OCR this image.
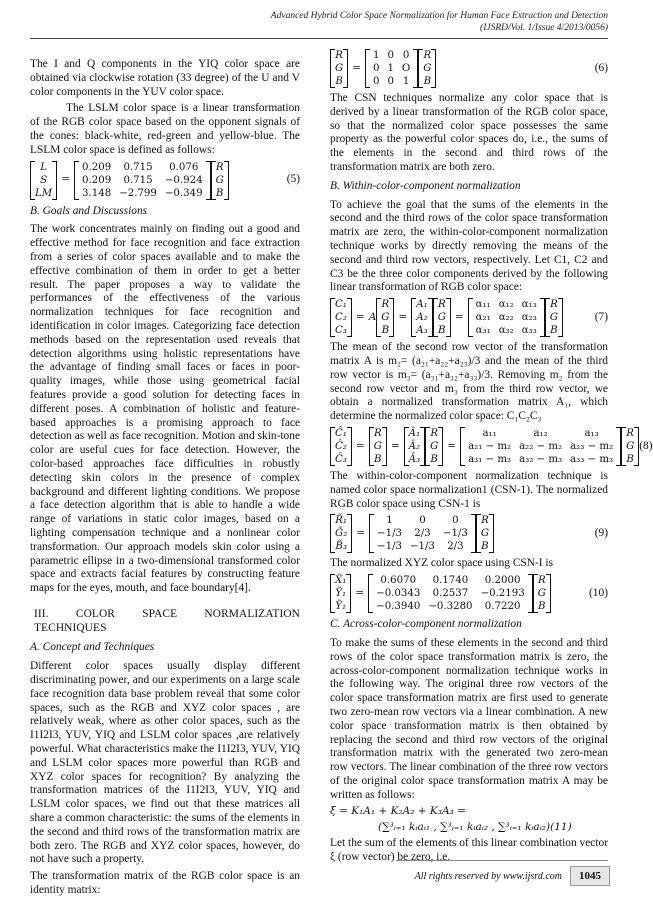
Advanced Hybrid Color Space Normalization for Human Face Extraction and Detection
(IJSRD/Vol. 1/Issue 4/2013/0056)

The I and Q components in the YIQ color space are obtained via clockwise rotation (33 degree) of the U and V color components in the YUV color space.

The LSLM color space is a linear transformation of the RGB color space based on the opponent signals of the cones: black-white, red-green and yellow-blue. The LSLM color space is defined as follows:

L
S
LM
=
0.209	0.715	0.076
0.209	0.715	−0.924
3.148	−2.799	−0.349
R
G
B
(5)
B. Goals and Discussions

The work concentrates mainly on finding out a good and effective method for face recognition and face extraction from a series of color spaces available and to make the effective combination of them in order to get a better result. The paper proposes a way to validate the performances of the effectiveness of the various normalization techniques for face recognition and identification in color images. Categorizing face detection methods based on the representation used reveals that detection algorithms using holistic representations have the advantage of finding small faces or faces in poor-quality images, while those using geometrical facial features provide a good solution for detecting faces in different poses. A combination of holistic and feature-based approaches is a promising approach to face detection as well as face recognition. Motion and skin-tone color are useful cues for face detection. However, the color-based approaches face difficulties in robustly detecting skin colors in the presence of complex background and different lighting conditions. We propose a face detection algorithm that is able to handle a wide range of variations in static color images, based on a lighting compensation technique and a nonlinear color transformation. Our approach models skin color using a parametric ellipse in a two-dimensional transformed color space and extracts facial features by constructing feature maps for the eyes, mouth, and face boundary[4].

III. COLOR SPACE NORMALIZATION TECHNIQUES
A. Concept and Techniques

Different color spaces usually display different discriminating power, and our experiments on a large scale face recognition data base problem reveal that some color spaces, such as the RGB and XYZ color spaces , are relatively weak, where as other color spaces, such as the I1I2I3, YUV, YIQ and LSLM color spaces ,are relatively powerful. What characteristics make the I1I2I3, YUV, YIQ and LSLM color spaces more powerful than RGB and XYZ color spaces for recognition? By analyzing the transformation matrices of the I1I2I3, YUV, YIQ and LSLM color spaces, we find out that these matrices all share a common characteristic: the sums of the elements in the second and third rows of the transformation matrix are both zero. The RGB and XYZ color spaces, however, do not have such a property.

The transformation matrix of the RGB color space is an identity matrix:

R
G
B
=
1	0	0
0	1	O
0	0	1
R
G
B
(6)

The CSN techniques normalize any color space that is derived by a linear transformation of the RGB color space, so that the normalized color space possesses the same property as the powerful color spaces do, i.e., the sums of the elements in the second and third rows of the transformation matrix are both zero.

B. Within-color-component normalization

To achieve the goal that the sums of the elements in the second and the third rows of the color space transformation matrix are zero, the within-color-component normalization technique works by directly removing the means of the second and third row vectors, respectively. Let C1, C2 and C3 be the three color components derived by the following linear transformation of RGB color space:

C₁
C₂
C₃
= A
R
G
B
=
A₁
A₂
A₃
R
G
B
=
α₁₁	α₁₂	α₁₃
α₂₁	α₂₂	α₂₃
α₃₁	α₃₂	α₃₃
R
G
B
(7)

The mean of the second row vector of the transformation matrix A is m₂= (a₂₁+a₂₂+a₂₃)/3 and the mean of the third row vector is m₃= (a₃₁+a₃₂+a₃₃)/3. Removing m₂ from the second row vector and m₃ from the third row vector, we obtain a normalized transformation matrix A₁, which determine the normalized color space: C₁C₂C₃

Ĉ₁
Ĉ₂
Ĉ₃
=
R
G
B
=
Â₁
Â₂
Â₃
R
G
B
=
a₁₁	a₁₂	a₁₃
a₂₁ − m₂	a₂₂ − m₂	a₂₃ − m₂
a₃₁ − m₃	a₃₂ − m₃	a₃₃ − m₃
R
G
B
(8)

The within-color-component normalization technique is named color space normalization1 (CSN-1). The normalized RGB color space using CSN-1 is

R̃₁
G̃₂
B̃₃
=
1	0	0
−1/3	2/3	−1/3
−1/3	−1/3	2/3
R
G
B
(9)

The normalized XYZ color space using CSN-I is

X̃₁
Ỹ₁
Ỹ₁
=
0.6070	0.1740	0.2000
−0.0343	0.2537	−0.2193
−0.3940	−0.3280	0.7220
R
G
B
(10)
C. Across-color-component normalization

To make the sums of these elements in the second and third rows of the color space transformation matrix is zero, the across-color-component normalization technique works in the following way. The original three row vectors of the color space transformation matrix are first used to generate two zero-mean row vectors via a linear combination. A new color space transformation matrix is then obtained by replacing the second and third row vectors of the original transformation matrix with the generated two zero-mean row vectors. The linear combination of the three row vectors of the original color space transformation matrix A may be written as follows:

ξ = K₁A₁ + K₂A₂ + K₃A₃ =
(∑³ᵢ₌₁ kᵢaᵢ₁ , ∑³ᵢ₌₁ kᵢaᵢ₂ , ∑³ᵢ₌₁ kᵢaᵢ₂)(11)

Let the sum of the elements of this linear combination vector ξ (row vector) be zero, i.e.

All rights reserved by www.ijsrd.com	1045
